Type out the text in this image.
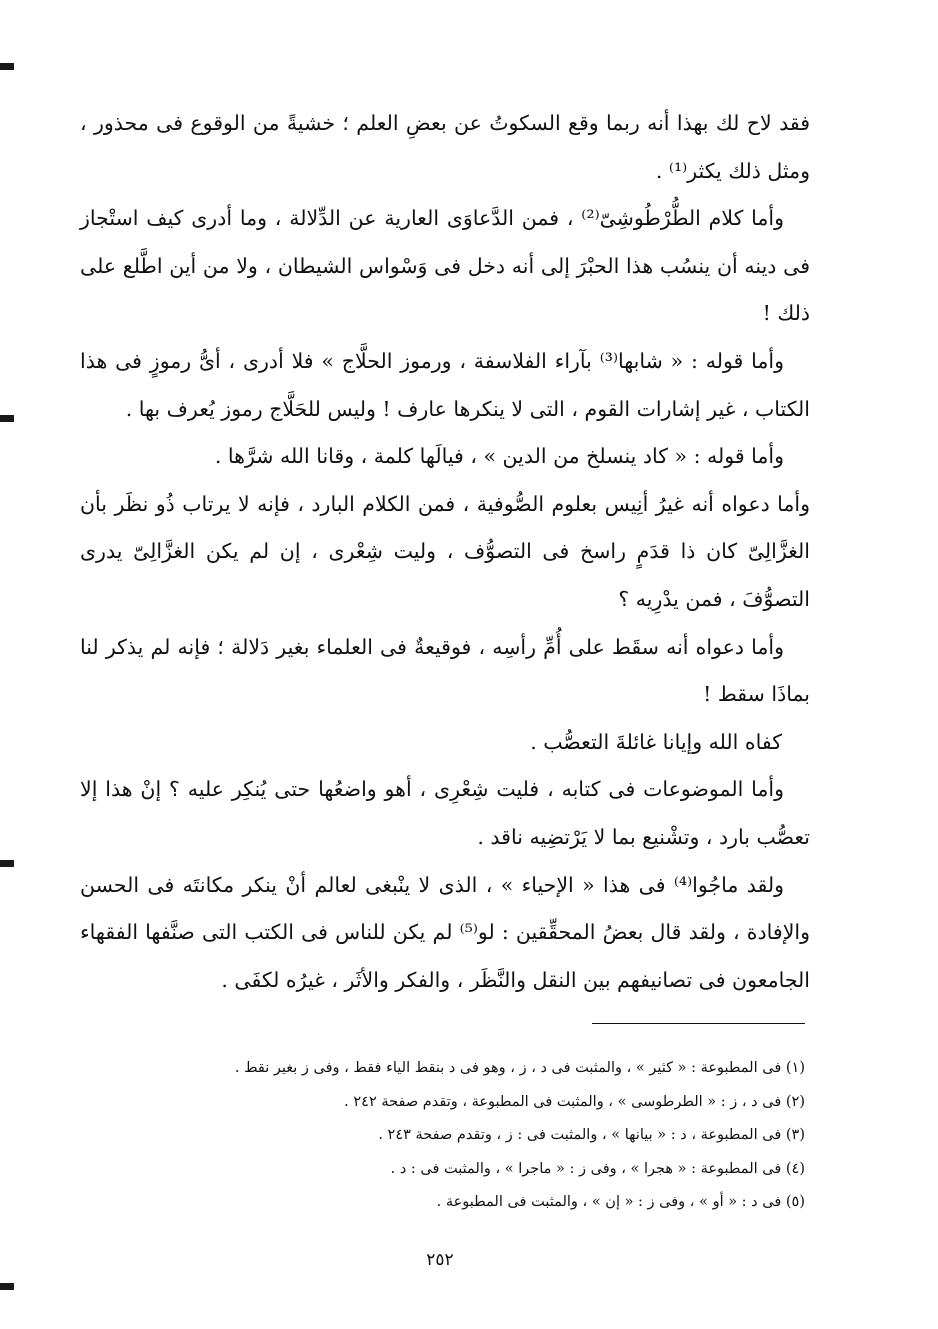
فقد لاح لك بهذا أنه ربما وقع السكوتُ عن بعضِ العلم ؛ خشيةً من الوقوع فى محذور ، ومثل ذلك يكثر⁽¹⁾ .

وأما كلام الطُّرْطُوشِىّ⁽²⁾ ، فمن الدَّعاوَى العارية عن الدِّلالة ، وما أدرى كيف استْجاز فى دينه أن ينسُب هذا الحبْرَ إلى أنه دخل فى وَسْواس الشيطان ، ولا من أين اطَّلع على ذلك !

وأما قوله : « شابها⁽³⁾ بآراء الفلاسفة ، ورموز الحلَّاج » فلا أدرى ، أىُّ رموزٍ فى هذا الكتاب ، غير إشارات القوم ، التى لا ينكرها عارف ! وليس للحَلَّاج رموز يُعرف بها .

وأما قوله : « كاد ينسلخ من الدين » ، فيالَها كلمة ، وقانا الله شرَّها .

وأما دعواه أنه غيرُ أنِيس بعلوم الصُّوفية ، فمن الكلام البارد ، فإنه لا يرتاب ذُو نظَر بأن الغزَّالِىّ كان ذا قدَمٍ راسخ فى التصوُّف ، وليت شِعْرى ، إن لم يكن الغزَّالِىّ يدرى التصوُّفَ ، فمن يدْرِيه ؟

وأما دعواه أنه سقَط على أُمِّ رأسِه ، فوقيعةٌ فى العلماء بغير دَلالة ؛ فإنه لم يذكر لنا بماذَا سقط !

كفاه الله وإيانا غائلةَ التعصُّب .

وأما الموضوعات فى كتابه ، فليت شِعْرِى ، أهو واضعُها حتى يُنكِر عليه ؟ إنْ هذا إلا تعصُّب بارد ، وتشْنيع بما لا يَرْتضِيه ناقد .

ولقد ماجُوا⁽⁴⁾ فى هذا « الإحياء » ، الذى لا ينْبغى لعالم أنْ ينكر مكانتَه فى الحسن والإفادة ، ولقد قال بعضُ المحقِّقين : لو⁽⁵⁾ لم يكن للناس فى الكتب التى صنَّفها الفقهاء الجامعون فى تصانيفهم بين النقل والنَّظَر ، والفكر والأثَر ، غيرُه لكفَى .

(١) فى المطبوعة : « كثير » ، والمثبت فى د ، ز ، وهو فى د بنقط الياء فقط ، وفى ز بغير نقط .

(٢) فى د ، ز : « الطرطوسى » ، والمثبت فى المطبوعة ، وتقدم صفحة ٢٤٢ .

(٣) فى المطبوعة ، د : « بيانها » ، والمثبت فى : ز ، وتقدم صفحة ٢٤٣ .

(٤) فى المطبوعة : « هجرا » ، وفى ز : « ماجرا » ، والمثبت فى : د .

(٥) فى د : « أو » ، وفى ز : « إن » ، والمثبت فى المطبوعة .

٢٥٢
